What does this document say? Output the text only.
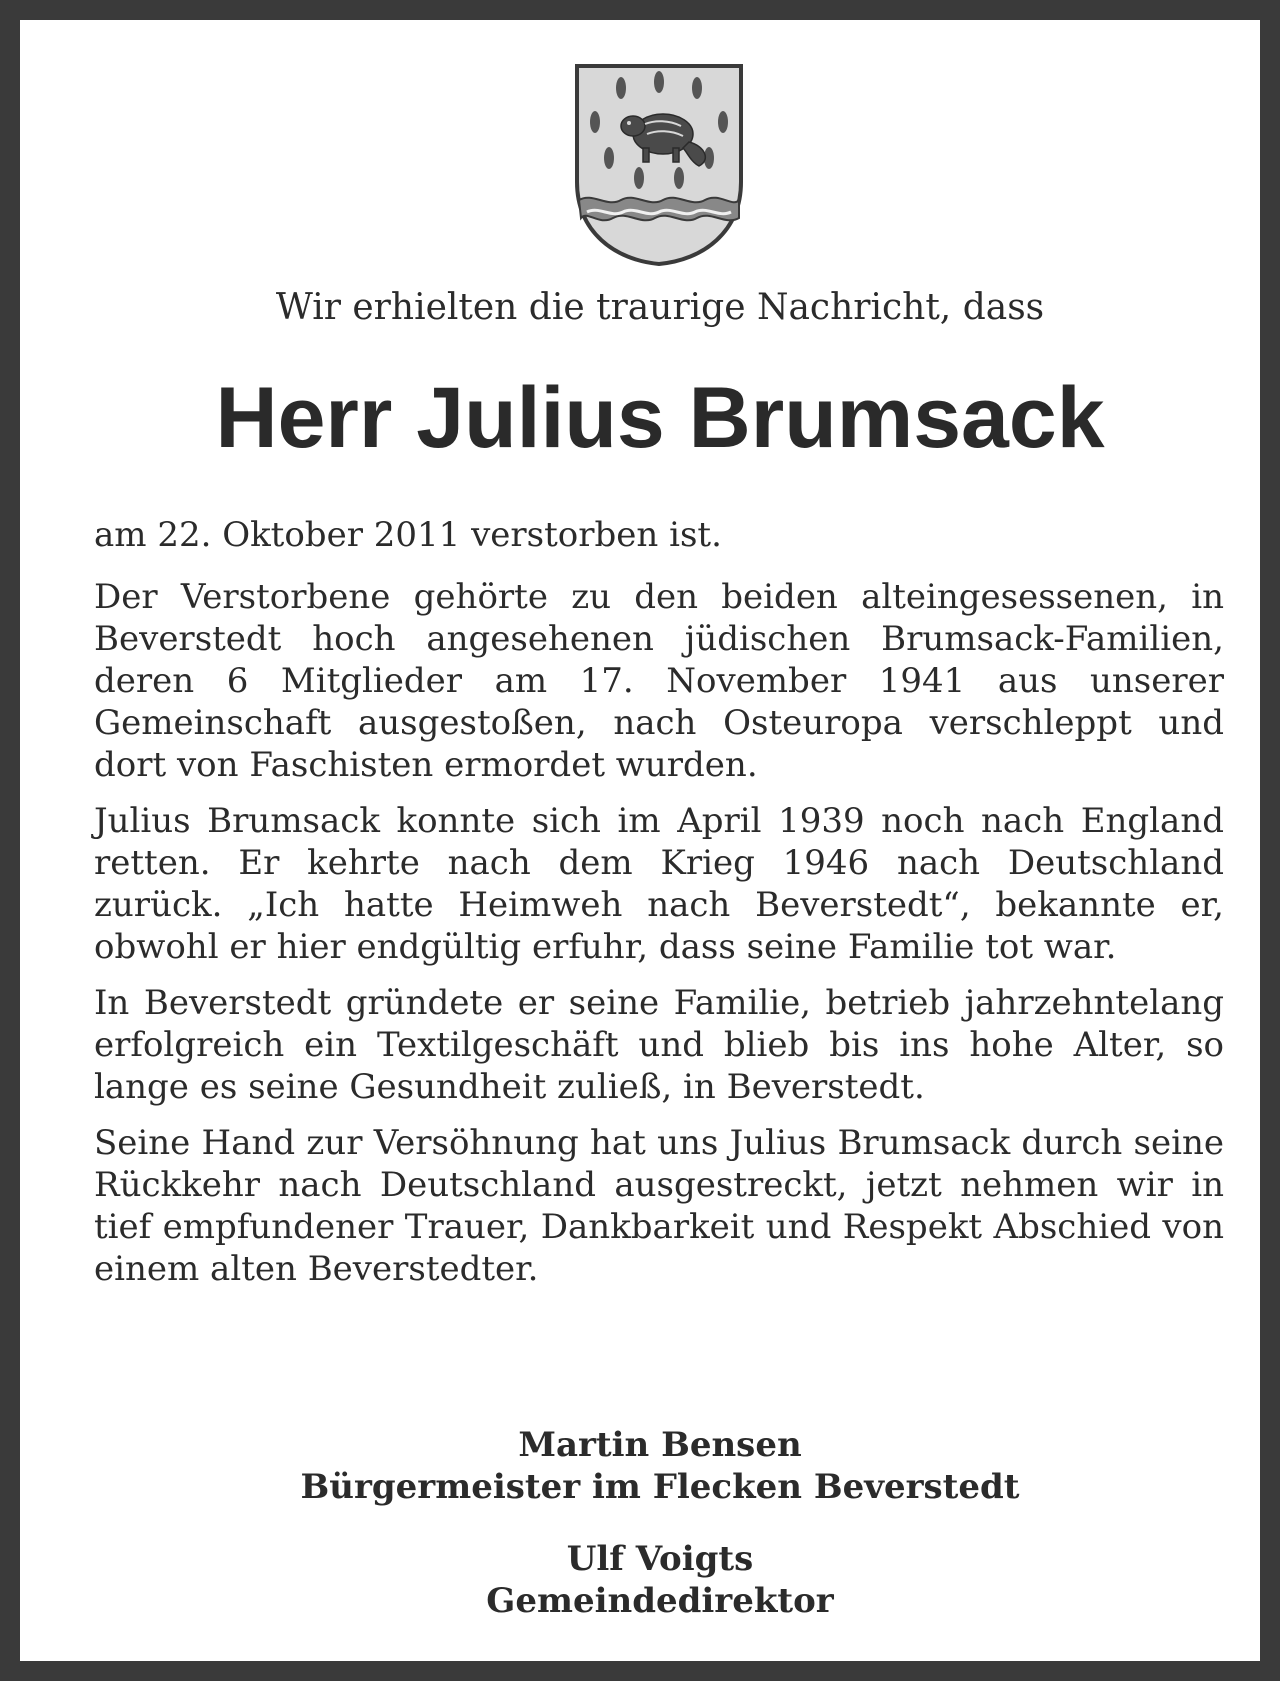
Wir erhielten die traurige Nachricht, dass
Herr Julius Brumsack

am 22. Oktober 2011 verstorben ist.

Der Verstorbene gehörte zu den beiden alteingesessenen, in Beverstedt hoch angesehenen jüdischen Brumsack-Familien, deren 6 Mitglieder am 17. November 1941 aus unserer Gemeinschaft ausgestoßen, nach Osteuropa verschleppt und dort von Faschisten ermordet wurden.

Julius Brumsack konnte sich im April 1939 noch nach England retten. Er kehrte nach dem Krieg 1946 nach Deutschland zurück. „Ich hatte Heimweh nach Beverstedt“, bekannte er, obwohl er hier endgültig erfuhr, dass seine Familie tot war.

In Beverstedt gründete er seine Familie, betrieb jahrzehntelang erfolgreich ein Textilgeschäft und blieb bis ins hohe Alter, so lange es seine Gesundheit zuließ, in Beverstedt.

Seine Hand zur Versöhnung hat uns Julius Brumsack durch seine Rückkehr nach Deutschland ausgestreckt, jetzt nehmen wir in tief empfundener Trauer, Dankbarkeit und Respekt Abschied von einem alten Beverstedter.

Martin Bensen
Bürgermeister im Flecken Beverstedt
Ulf Voigts
Gemeindedirektor
